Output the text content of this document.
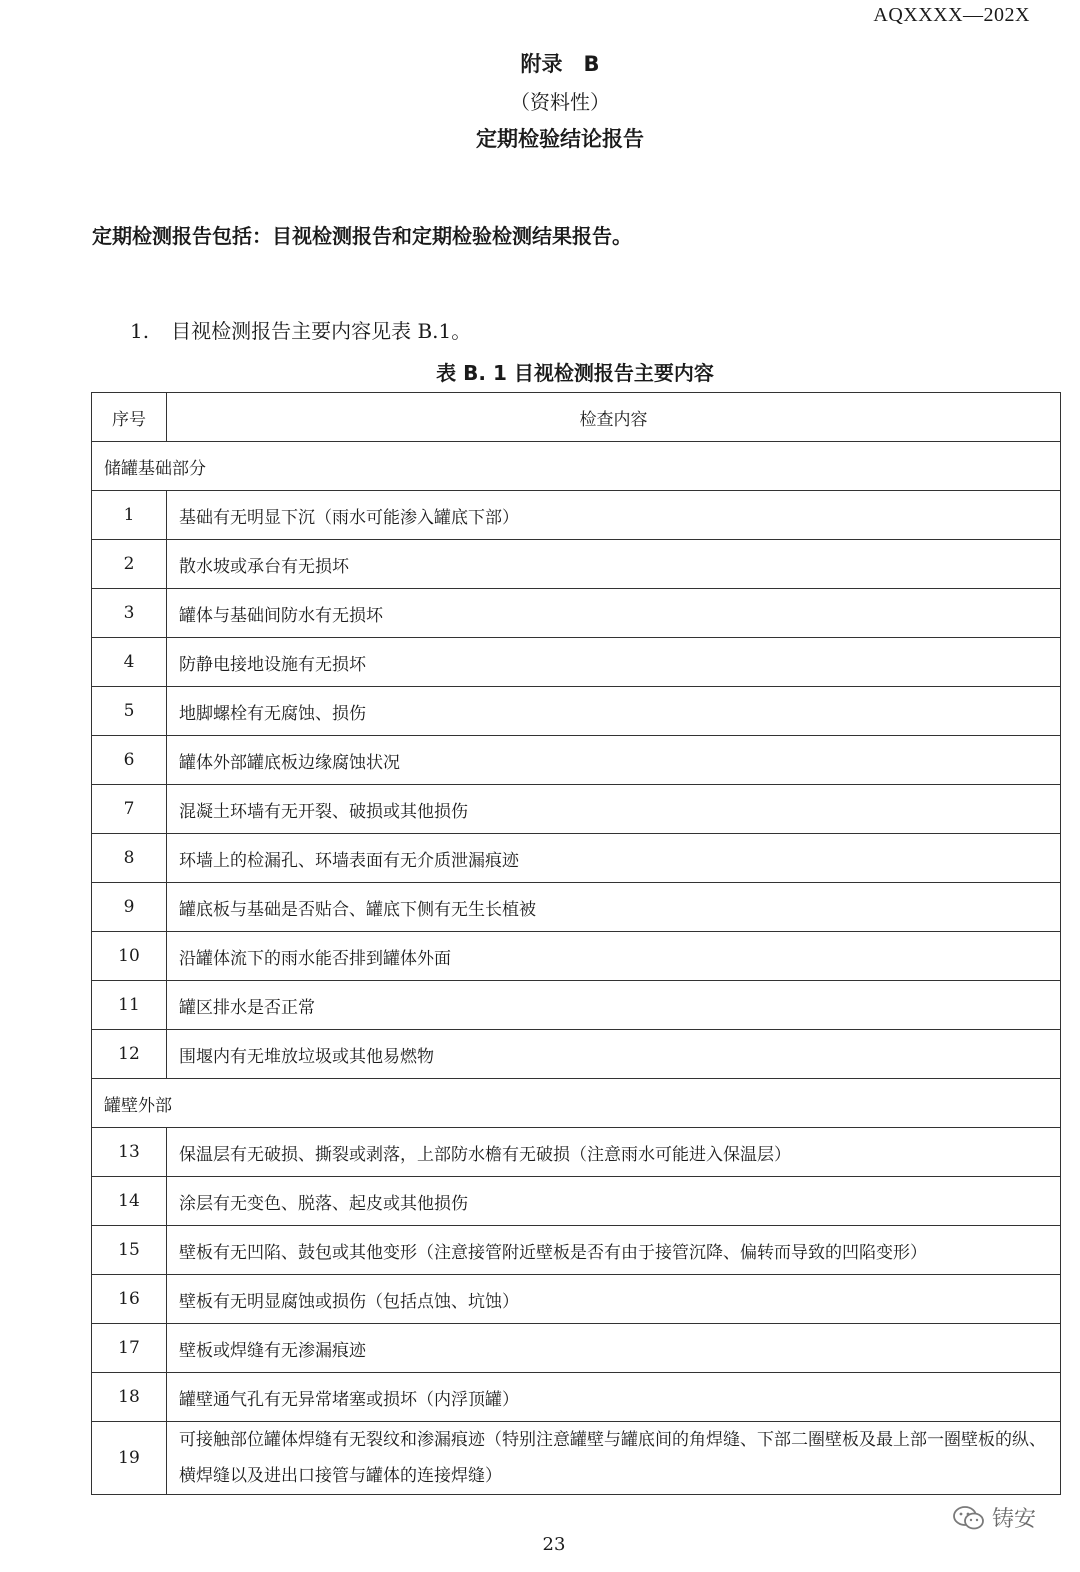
AQXXXX—202X
附录　B
（资料性）
定期检验结论报告
定期检测报告包括：目视检测报告和定期检验检测结果报告。
1. 目视检测报告主要内容见表 B.1。
表 B. 1 目视检测报告主要内容
序号	检查内容
储罐基础部分	
1	基础有无明显下沉（雨水可能渗入罐底下部）
2	散水坡或承台有无损坏
3	罐体与基础间防水有无损坏
4	防静电接地设施有无损坏
5	地脚螺栓有无腐蚀、损伤
6	罐体外部罐底板边缘腐蚀状况
7	混凝土环墙有无开裂、破损或其他损伤
8	环墙上的检漏孔、环墙表面有无介质泄漏痕迹
9	罐底板与基础是否贴合、罐底下侧有无生长植被
10	沿罐体流下的雨水能否排到罐体外面
11	罐区排水是否正常
12	围堰内有无堆放垃圾或其他易燃物
罐壁外部	
13	保温层有无破损、撕裂或剥落，上部防水檐有无破损（注意雨水可能进入保温层）
14	涂层有无变色、脱落、起皮或其他损伤
15	壁板有无凹陷、鼓包或其他变形（注意接管附近壁板是否有由于接管沉降、偏转而导致的凹陷变形）
16	壁板有无明显腐蚀或损伤（包括点蚀、坑蚀）
17	壁板或焊缝有无渗漏痕迹
18	罐壁通气孔有无异常堵塞或损坏（内浮顶罐）
19	可接触部位罐体焊缝有无裂纹和渗漏痕迹（特别注意罐壁与罐底间的角焊缝、下部二圈壁板及最上部一圈壁板的纵、横焊缝以及进出口接管与罐体的连接焊缝）
铸安
23
